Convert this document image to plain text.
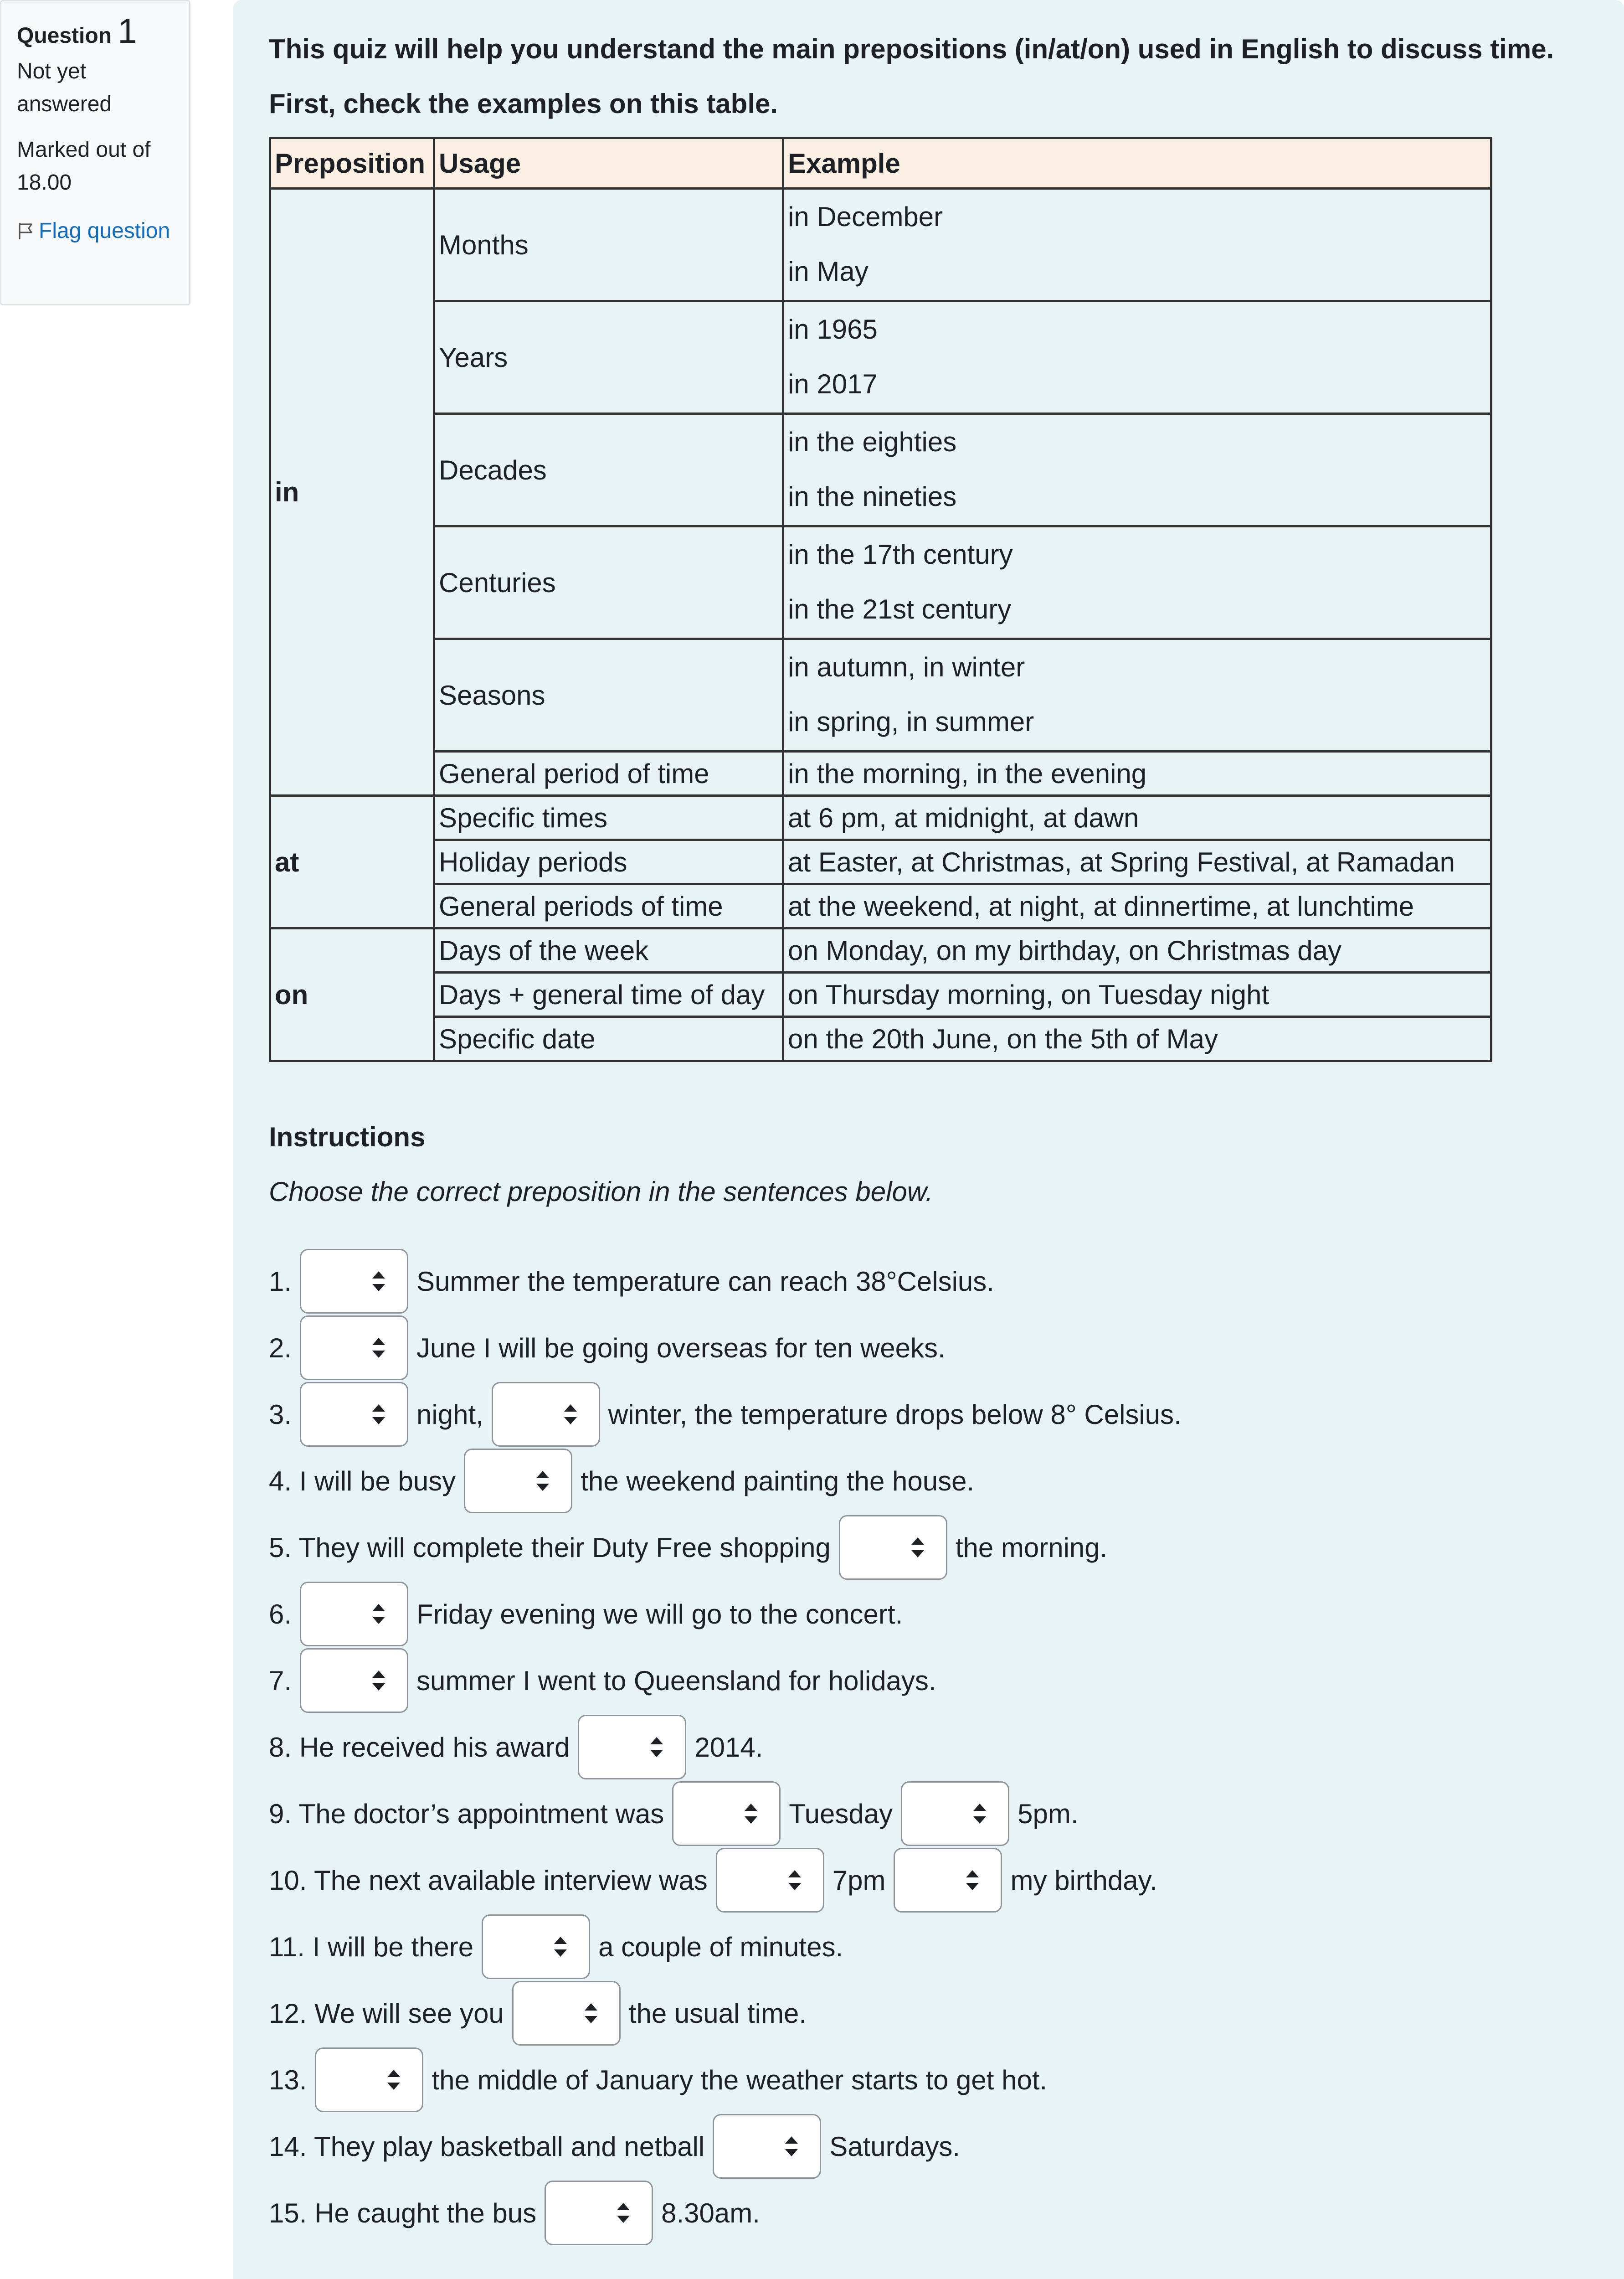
Question 1
Not yet answered
Marked out of 18.00
Flag question

This quiz will help you understand the main prepositions (in/at/on) used in English to discuss time.

First, check the examples on this table.

Preposition	Usage	Example
in	Months	in December
in May

	Years	in 1965
in 2017

	Decades	in the eighties
in the nineties

	Centuries	in the 17th century
in the 21st century

	Seasons	in autumn, in winter
in spring, in summer

	General period of time	in the morning, in the evening

at	Specific times	at 6 pm, at midnight, at dawn

	Holiday periods	at Easter, at Christmas, at Spring Festival, at Ramadan

	General periods of time	at the weekend, at night, at dinnertime, at lunchtime

on	Days of the week	on Monday, on my birthday, on Christmas day

	Days + general time of day	on Thursday morning, on Tuesday night

	Specific date	on the 20th June, on the 5th of May
Instructions
Choose the correct preposition in the sentences below.
1.	Summer the temperature can reach 38°Celsius.
2.	June I will be going overseas for ten weeks.
3.	night,	winter, the temperature drops below 8° Celsius.
4. I will be busy	the weekend painting the house.
5. They will complete their Duty Free shopping	the morning.
6.	Friday evening we will go to the concert.
7.	summer I went to Queensland for holidays.
8. He received his award	2014.
9. The doctor’s appointment was	Tuesday	5pm.
10. The next available interview was	7pm	my birthday.
11. I will be there	a couple of minutes.
12. We will see you	the usual time.
13.	the middle of January the weather starts to get hot.
14. They play basketball and netball	Saturdays.
15. He caught the bus	8.30am.
